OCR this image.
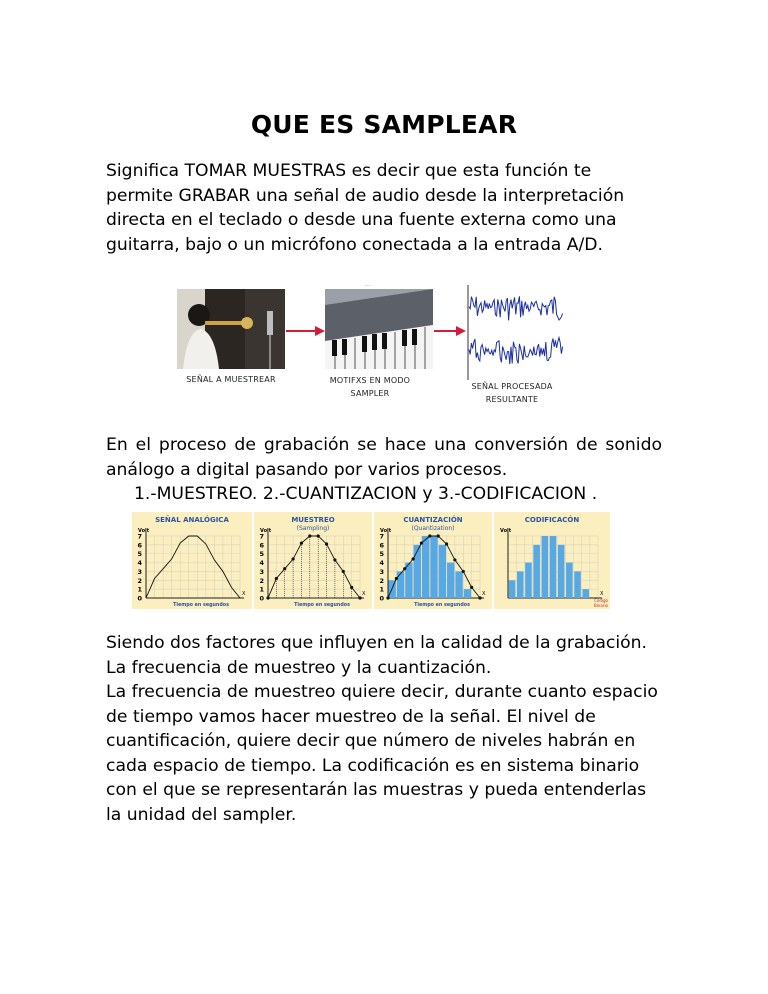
QUE ES SAMPLEAR

Significa TOMAR MUESTRAS es decir que esta función te permite GRABAR una señal de audio desde la interpretación directa en el teclado o desde una fuente externa como una guitarra, bajo o un micrófono conectada a la entrada A/D.

SEÑAL A MUESTREAR	MOTIFXS EN MODO
SAMPLER
SEÑAL PROCESADA
RESULTANTE

En el proceso de grabación se hace una conversión de sonido análogo a digital pasando por varios procesos.

1.-MUESTREO. 2.-CUANTIZACION y 3.-CODIFICACION .
SEÑAL ANALÓGICA
0
1
2
3
4
5
6
7
Volt
X
Tiempo en segundos
MUESTREO
(Sampling)
0
1
2
3
4
5
6
7
Volt
X
Tiempo en segundos
CUANTIZACIÓN
(Quantization)
0
1
2
3
4
5
6
7
Volt
X
Tiempo en segundos
CODIFICACÓN
Volt
X
Código
Binario

Siendo dos factores que influyen en la calidad de la grabación. La frecuencia de muestreo y la cuantización.

La frecuencia de muestreo quiere decir, durante cuanto espacio de tiempo vamos hacer muestreo de la señal. El nivel de cuantificación, quiere decir que número de niveles habrán en cada espacio de tiempo. La codificación es en sistema binario con el que se representarán las muestras y pueda entenderlas la unidad del sampler.
